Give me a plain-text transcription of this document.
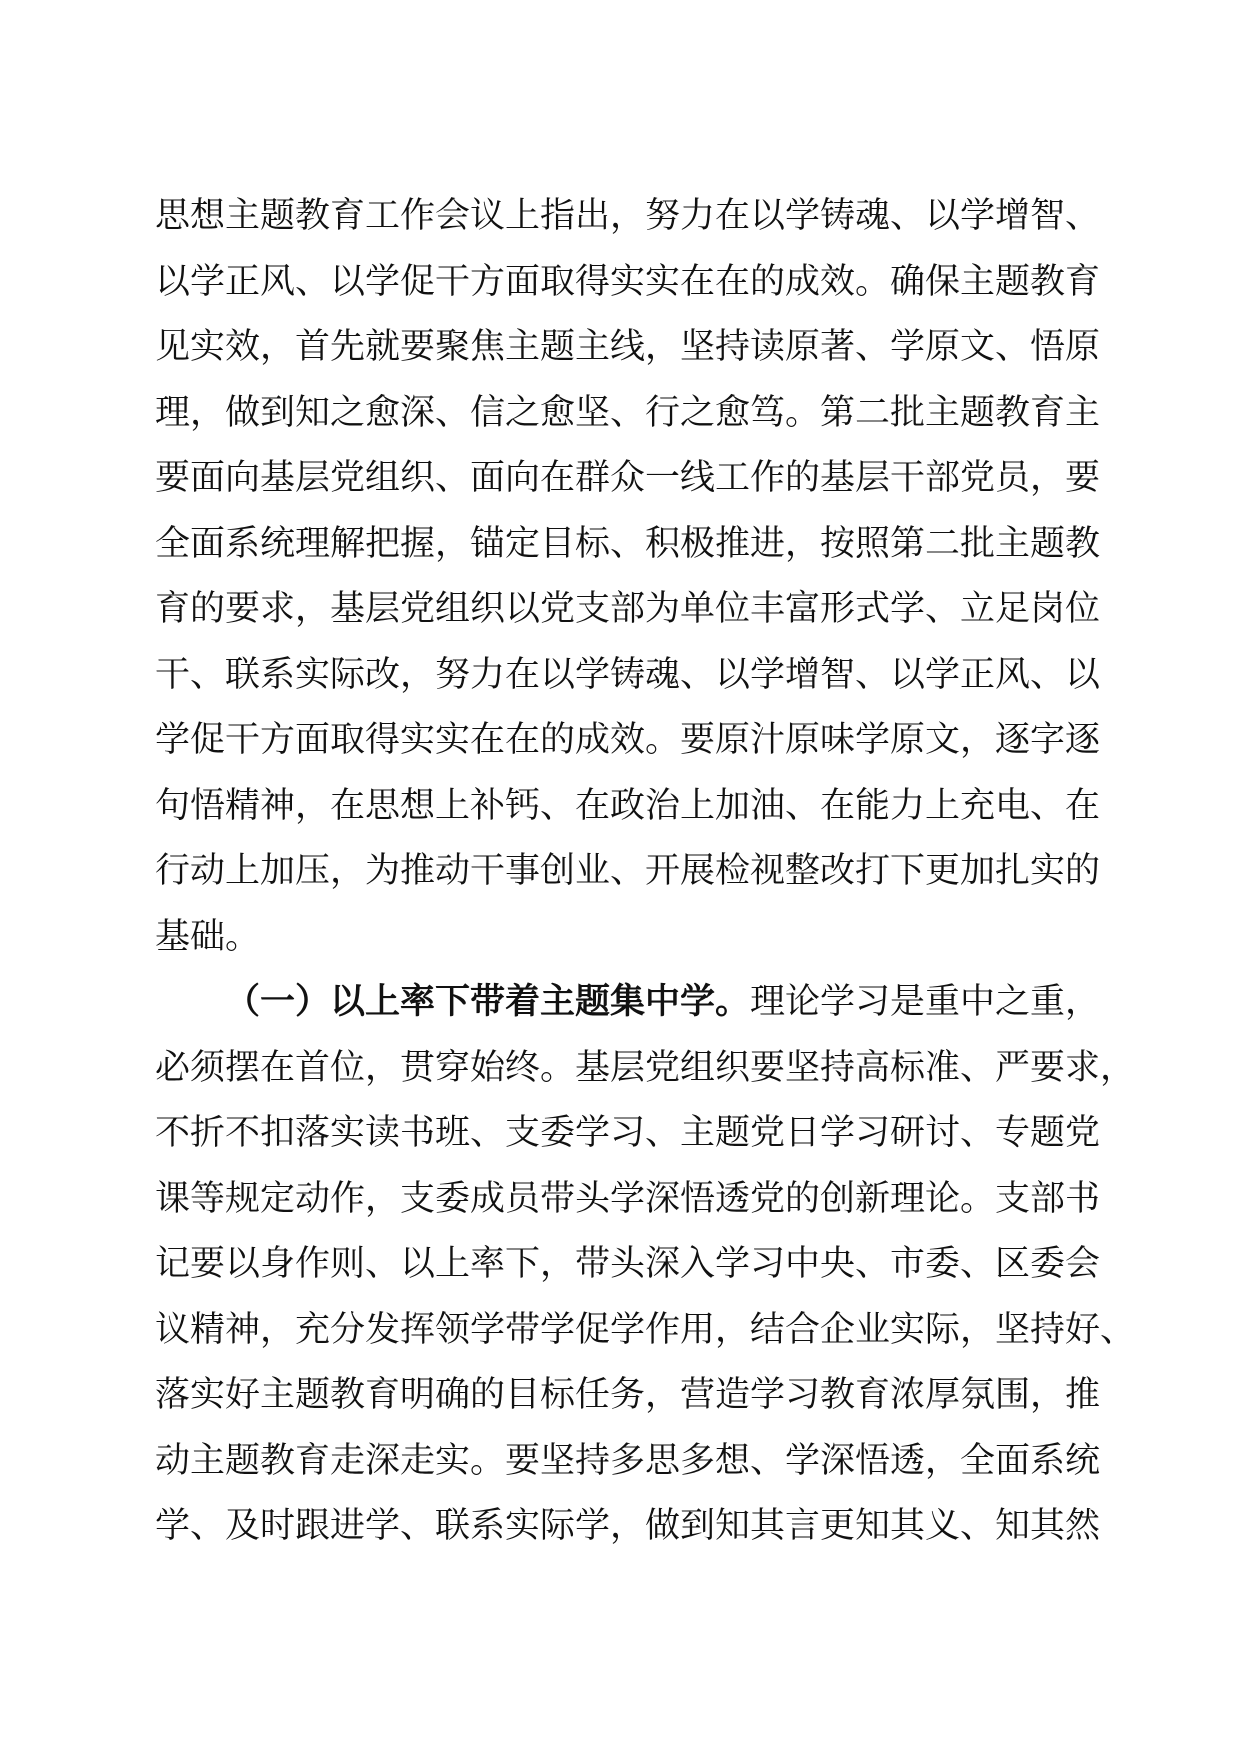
思想主题教育工作会议上指出，努力在以学铸魂、以学增智、
以学正风、以学促干方面取得实实在在的成效。确保主题教育
见实效，首先就要聚焦主题主线，坚持读原著、学原文、悟原
理，做到知之愈深、信之愈坚、行之愈笃。第二批主题教育主
要面向基层党组织、面向在群众一线工作的基层干部党员，要
全面系统理解把握，锚定目标、积极推进，按照第二批主题教
育的要求，基层党组织以党支部为单位丰富形式学、立足岗位
干、联系实际改，努力在以学铸魂、以学增智、以学正风、以
学促干方面取得实实在在的成效。要原汁原味学原文，逐字逐
句悟精神，在思想上补钙、在政治上加油、在能力上充电、在
行动上加压，为推动干事创业、开展检视整改打下更加扎实的
基础。
（一）以上率下带着主题集中学。理论学习是重中之重，
必须摆在首位，贯穿始终。基层党组织要坚持高标准、严要求，
不折不扣落实读书班、支委学习、主题党日学习研讨、专题党
课等规定动作，支委成员带头学深悟透党的创新理论。支部书
记要以身作则、以上率下，带头深入学习中央、市委、区委会
议精神，充分发挥领学带学促学作用，结合企业实际，坚持好、
落实好主题教育明确的目标任务，营造学习教育浓厚氛围，推
动主题教育走深走实。要坚持多思多想、学深悟透，全面系统
学、及时跟进学、联系实际学，做到知其言更知其义、知其然
